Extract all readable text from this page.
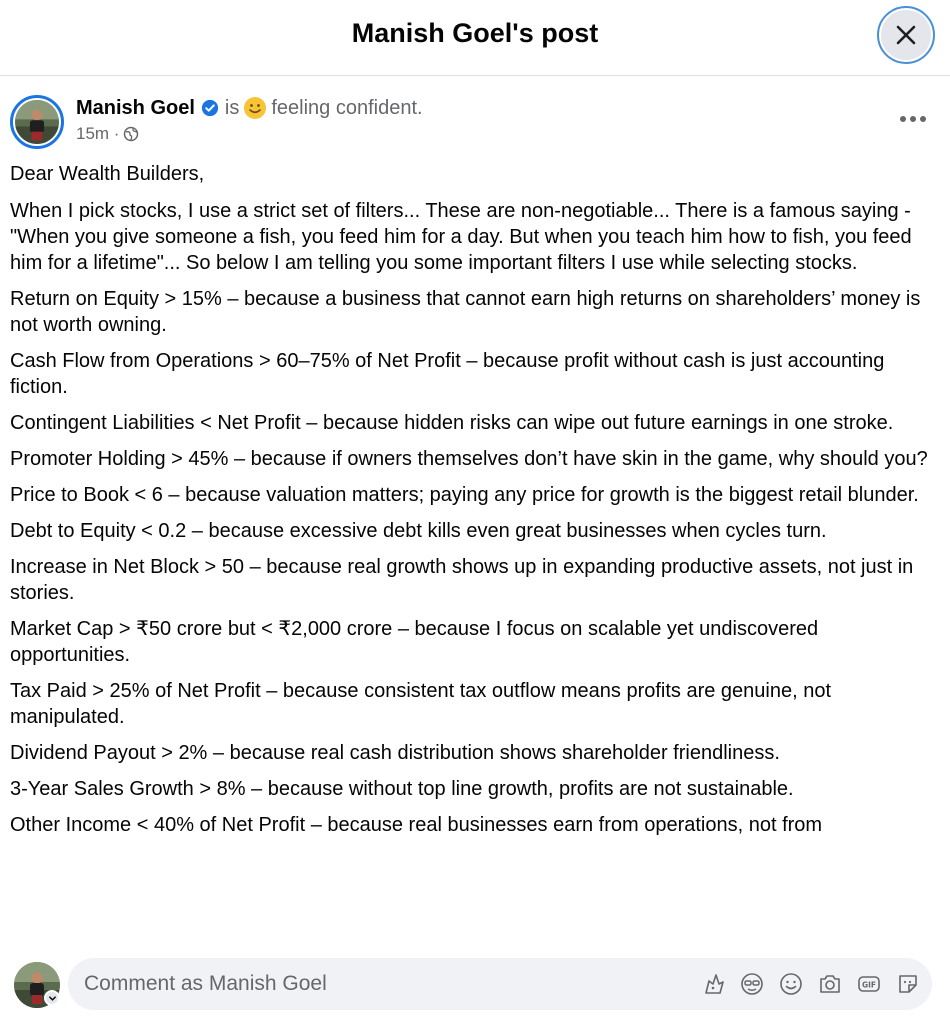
Manish Goel's post
Manish Goel is feeling confident.
15m ·

Dear Wealth Builders,

When I pick stocks, I use a strict set of filters... These are non-negotiable... There is a famous saying -"When you give someone a fish, you feed him for a day. But when you teach him how to fish, you feed him for a lifetime"... So below I am telling you some important filters I use while selecting stocks.

Return on Equity > 15% – because a business that cannot earn high returns on shareholders’ money is not worth owning.

Cash Flow from Operations > 60–75% of Net Profit – because profit without cash is just accounting fiction.

Contingent Liabilities < Net Profit – because hidden risks can wipe out future earnings in one stroke.

Promoter Holding > 45% – because if owners themselves don’t have skin in the game, why should you?

Price to Book < 6 – because valuation matters; paying any price for growth is the biggest retail blunder.

Debt to Equity < 0.2 – because excessive debt kills even great businesses when cycles turn.

Increase in Net Block > 50 – because real growth shows up in expanding productive assets, not just in stories.

Market Cap > ₹50 crore but < ₹2,000 crore – because I focus on scalable yet undiscovered opportunities.

Tax Paid > 25% of Net Profit – because consistent tax outflow means profits are genuine, not manipulated.

Dividend Payout > 2% – because real cash distribution shows shareholder friendliness.

3-Year Sales Growth > 8% – because without top line growth, profits are not sustainable.

Other Income < 40% of Net Profit – because real businesses earn from operations, not from

Comment as Manish Goel	GIF
